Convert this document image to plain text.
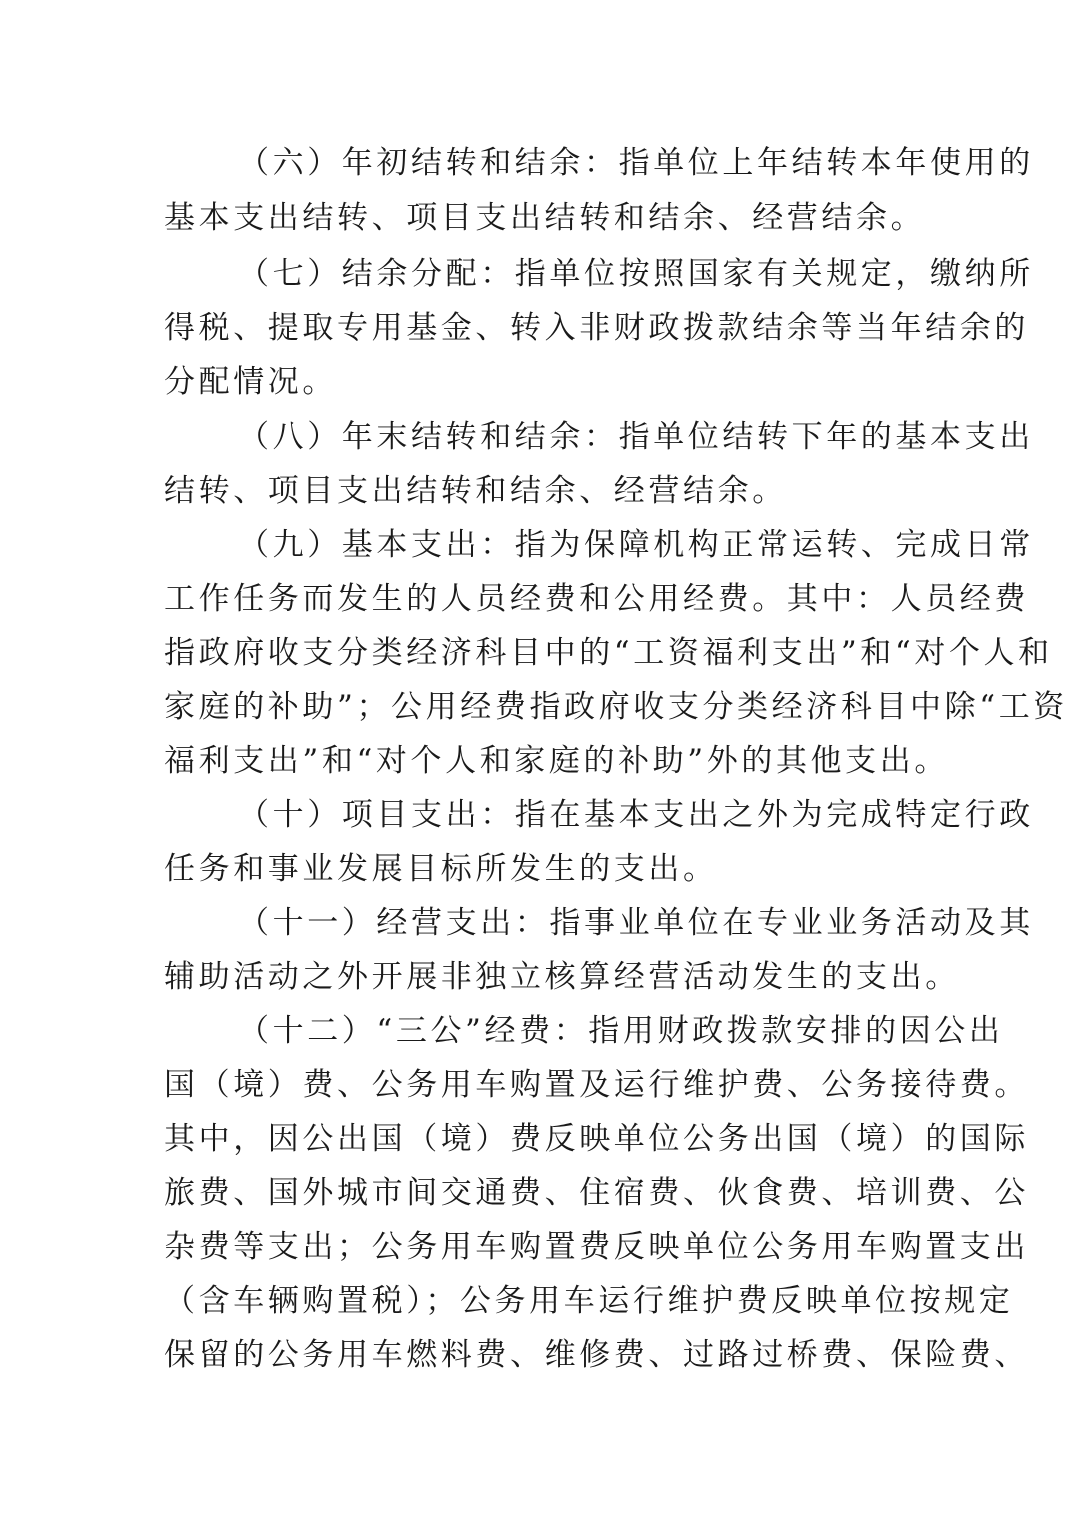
（六）年初结转和结余：指单位上年结转本年使用的
基本支出结转、项目支出结转和结余、经营结余。
（七）结余分配：指单位按照国家有关规定，缴纳所
得税、提取专用基金、转入非财政拨款结余等当年结余的
分配情况。
（八）年末结转和结余：指单位结转下年的基本支出
结转、项目支出结转和结余、经营结余。
（九）基本支出：指为保障机构正常运转、完成日常
工作任务而发生的人员经费和公用经费。其中：人员经费
指政府收支分类经济科目中的“工资福利支出”和“对个人和
家庭的补助”；公用经费指政府收支分类经济科目中除“工资
福利支出”和“对个人和家庭的补助”外的其他支出。
（十）项目支出：指在基本支出之外为完成特定行政
任务和事业发展目标所发生的支出。
（十一）经营支出：指事业单位在专业业务活动及其
辅助活动之外开展非独立核算经营活动发生的支出。
（十二）“三公”经费：指用财政拨款安排的因公出
国（境）费、公务用车购置及运行维护费、公务接待费。
其中，因公出国（境）费反映单位公务出国（境）的国际
旅费、国外城市间交通费、住宿费、伙食费、培训费、公
杂费等支出；公务用车购置费反映单位公务用车购置支出
（含车辆购置税）；公务用车运行维护费反映单位按规定
保留的公务用车燃料费、维修费、过路过桥费、保险费、
